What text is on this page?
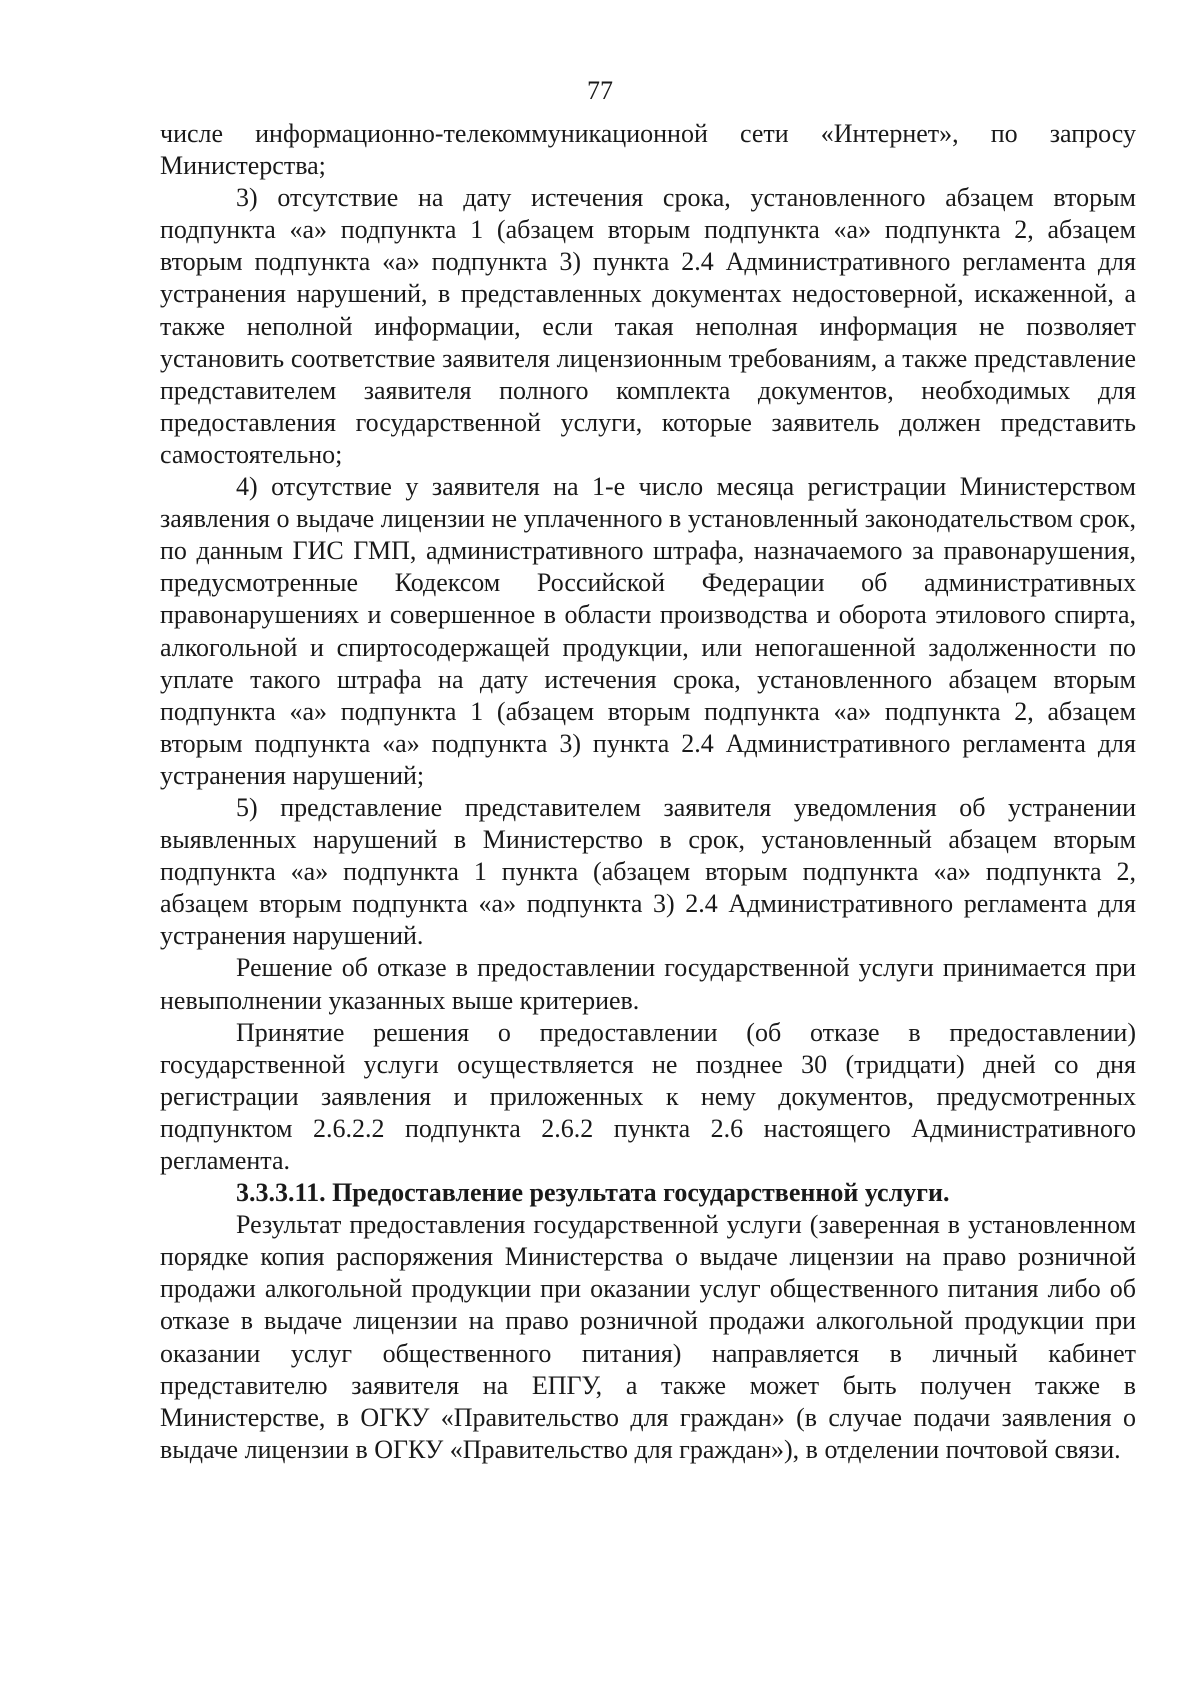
77

числе информационно-телекоммуникационной сети «Интернет», по запросу Министерства;

3) отсутствие на дату истечения срока, установленного абзацем вторым подпункта «а» подпункта 1 (абзацем вторым подпункта «а» подпункта 2, абзацем вторым подпункта «а» подпункта 3) пункта 2.4 Административного регламента для устранения нарушений, в представленных документах недостоверной, искаженной, а также неполной информации, если такая неполная информация не позволяет установить соответствие заявителя лицензионным требованиям, а также представление представителем заявителя полного комплекта документов, необходимых для предоставления государственной услуги, которые заявитель должен представить самостоятельно;

4) отсутствие у заявителя на 1-е число месяца регистрации Министерством заявления о выдаче лицензии не уплаченного в установленный законодательством срок, по данным ГИС ГМП, административного штрафа, назначаемого за правонарушения, предусмотренные Кодексом Российской Федерации об административных правонарушениях и совершенное в области производства и оборота этилового спирта, алкогольной и спиртосодержащей продукции, или непогашенной задолженности по уплате такого штрафа на дату истечения срока, установленного абзацем вторым подпункта «а» подпункта 1 (абзацем вторым подпункта «а» подпункта 2, абзацем вторым подпункта «а» подпункта 3) пункта 2.4 Административного регламента для устранения нарушений;

5) представление представителем заявителя уведомления об устранении выявленных нарушений в Министерство в срок, установленный абзацем вторым подпункта «а» подпункта 1 пункта (абзацем вторым подпункта «а» подпункта 2, абзацем вторым подпункта «а» подпункта 3) 2.4 Административного регламента для устранения нарушений.

Решение об отказе в предоставлении государственной услуги принимается при невыполнении указанных выше критериев.

Принятие решения о предоставлении (об отказе в предоставлении) государственной услуги осуществляется не позднее 30 (тридцати) дней со дня регистрации заявления и приложенных к нему документов, предусмотренных подпунктом 2.6.2.2 подпункта 2.6.2 пункта 2.6 настоящего Административного регламента.

3.3.3.11. Предоставление результата государственной услуги.

Результат предоставления государственной услуги (заверенная в установленном порядке копия распоряжения Министерства о выдаче лицензии на право розничной продажи алкогольной продукции при оказании услуг общественного питания либо об отказе в выдаче лицензии на право розничной продажи алкогольной продукции при оказании услуг общественного питания) направляется в личный кабинет представителю заявителя на ЕПГУ, а также может быть получен также в Министерстве, в ОГКУ «Правительство для граждан» (в случае подачи заявления о выдаче лицензии в ОГКУ «Правительство для граждан»), в отделении почтовой связи.
